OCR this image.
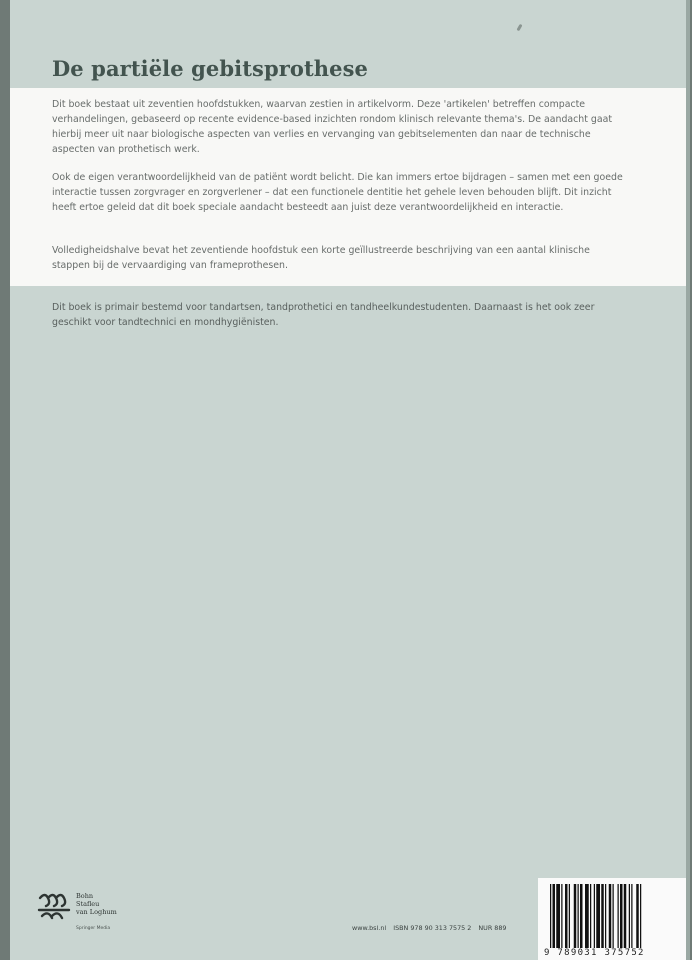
De partiële gebitsprothese

Dit boek bestaat uit zeventien hoofdstukken, waarvan zestien in artikelvorm. Deze 'artikelen' betreffen compacte verhandelingen, gebaseerd op recente evidence-based inzichten rondom klinisch relevante thema's. De aandacht gaat hierbij meer uit naar biologische aspecten van verlies en vervanging van gebitselementen dan naar de technische aspecten van prothetisch werk.

Ook de eigen verantwoordelijkheid van de patiënt wordt belicht. Die kan immers ertoe bijdragen – samen met een goede interactie tussen zorgvrager en zorgverlener – dat een functionele dentitie het gehele leven behouden blijft. Dit inzicht heeft ertoe geleid dat dit boek speciale aandacht besteedt aan juist deze verantwoordelijkheid en interactie.

Volledigheidshalve bevat het zeventiende hoofdstuk een korte geïllustreerde beschrijving van een aantal klinische stappen bij de vervaardiging van frameprothesen.

Dit boek is primair bestemd voor tandartsen, tandprothetici en tandheelkundestudenten. Daarnaast is het ook zeer geschikt voor tandtechnici en mondhygiënisten.

Bohn
Stafleu
van Loghum
Springer Media	www.bsl.nl ISBN 978 90 313 7575 2 NUR 889
9 789031 375752
